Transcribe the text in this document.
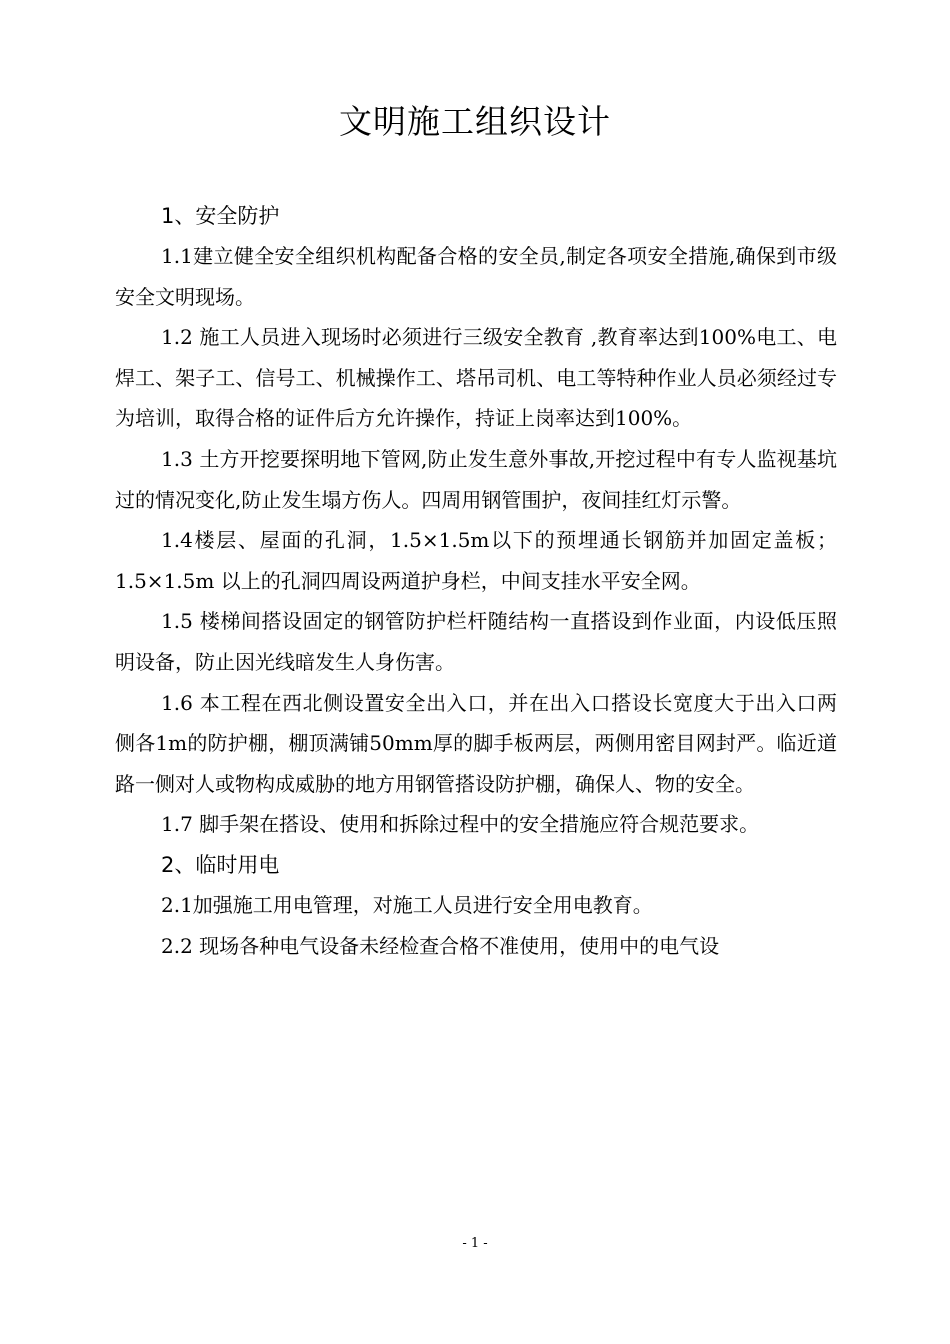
文明施工组织设计
1、安全防护
1.1建立健全安全组织机构配备合格的安全员,制定各项安全措施,确保到市级安全文明现场。
1.2 施工人员进入现场时必须进行三级安全教育 ,教育率达到100%电工、电焊工、架子工、信号工、机械操作工、塔吊司机、电工等特种作业人员必须经过专为培训，取得合格的证件后方允许操作，持证上岗率达到100%。
1.3 土方开挖要探明地下管网,防止发生意外事故,开挖过程中有专人监视基坑过的情况变化,防止发生塌方伤人。四周用钢管围护，夜间挂红灯示警。
1.4楼层、屋面的孔洞，1.5×1.5m以下的预埋通长钢筋并加固定盖板；1.5×1.5m 以上的孔洞四周设两道护身栏，中间支挂水平安全网。
1.5 楼梯间搭设固定的钢管防护栏杆随结构一直搭设到作业面，内设低压照明设备，防止因光线暗发生人身伤害。
1.6 本工程在西北侧设置安全出入口，并在出入口搭设长宽度大于出入口两侧各1m的防护棚，棚顶满铺50mm厚的脚手板两层，两侧用密目网封严。临近道路一侧对人或物构成威胁的地方用钢管搭设防护棚，确保人、物的安全。
1.7 脚手架在搭设、使用和拆除过程中的安全措施应符合规范要求。
2、临时用电
2.1加强施工用电管理，对施工人员进行安全用电教育。
2.2 现场各种电气设备未经检查合格不准使用，使用中的电气设
- 1 -
